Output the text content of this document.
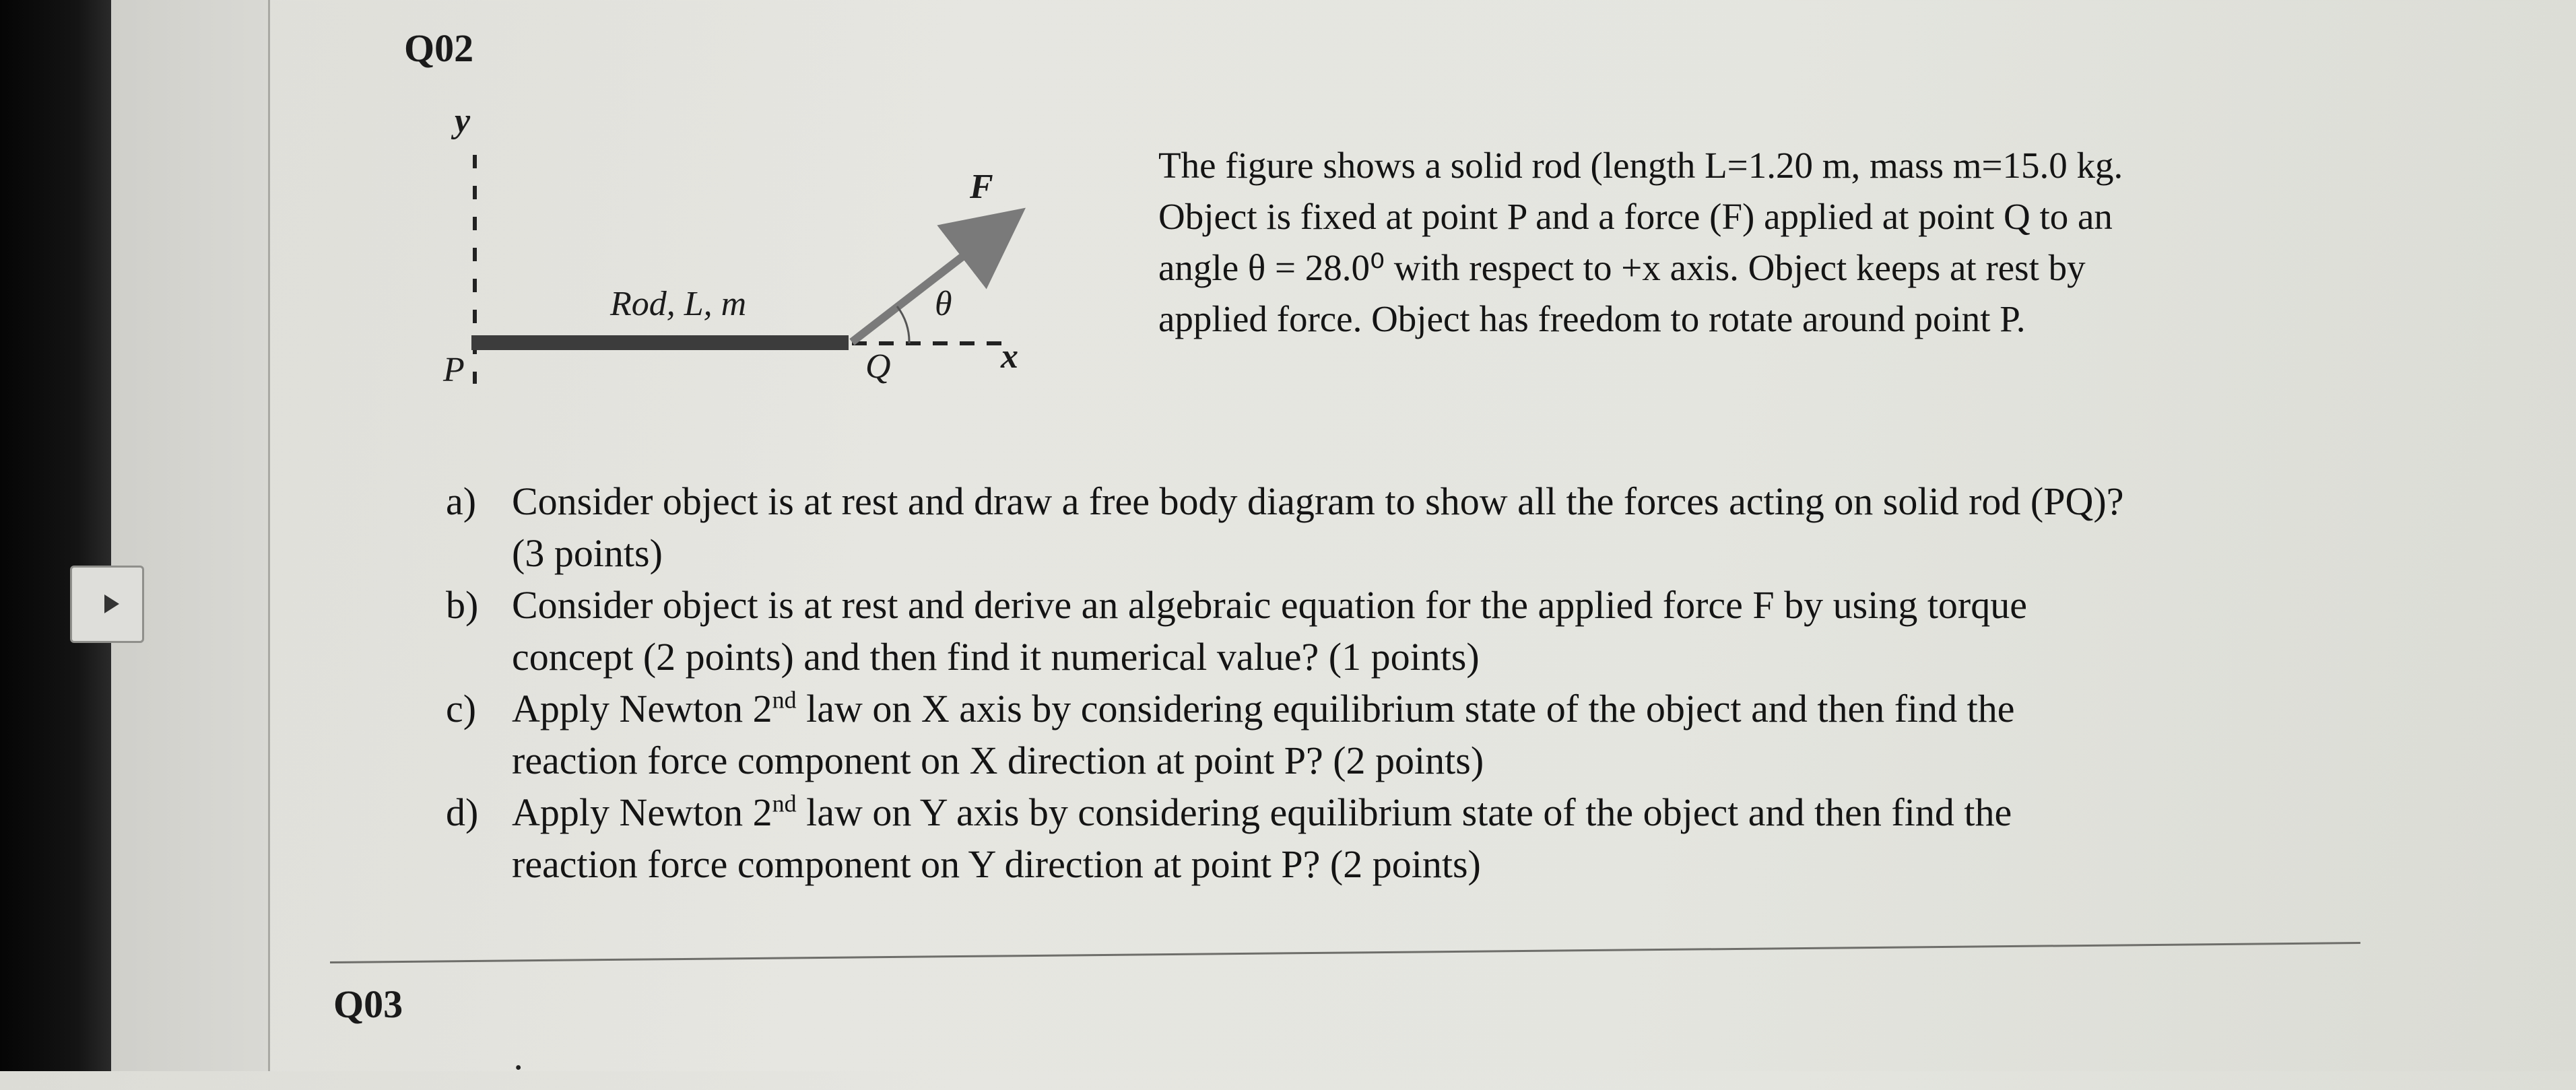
Q02
y
P
Rod, L, m
Q
θ
F
x
The figure shows a solid rod (length L=1.20 m, mass m=15.0 kg.
Object is fixed at point P and a force (F) applied at point Q to an
angle θ = 28.0⁰ with respect to +x axis. Object keeps at rest by
applied force. Object has freedom to rotate around point P.
a) Consider object is at rest and draw a free body diagram to show all the forces acting on solid rod (PQ)?
(3 points)
b) Consider object is at rest and derive an algebraic equation for the applied force F by using torque
concept (2 points) and then find it numerical value? (1 points)
c) Apply Newton 2nd law on X axis by considering equilibrium state of the object and then find the
reaction force component on X direction at point P? (2 points)
d) Apply Newton 2nd law on Y axis by considering equilibrium state of the object and then find the
reaction force component on Y direction at point P? (2 points)
Q03
·
